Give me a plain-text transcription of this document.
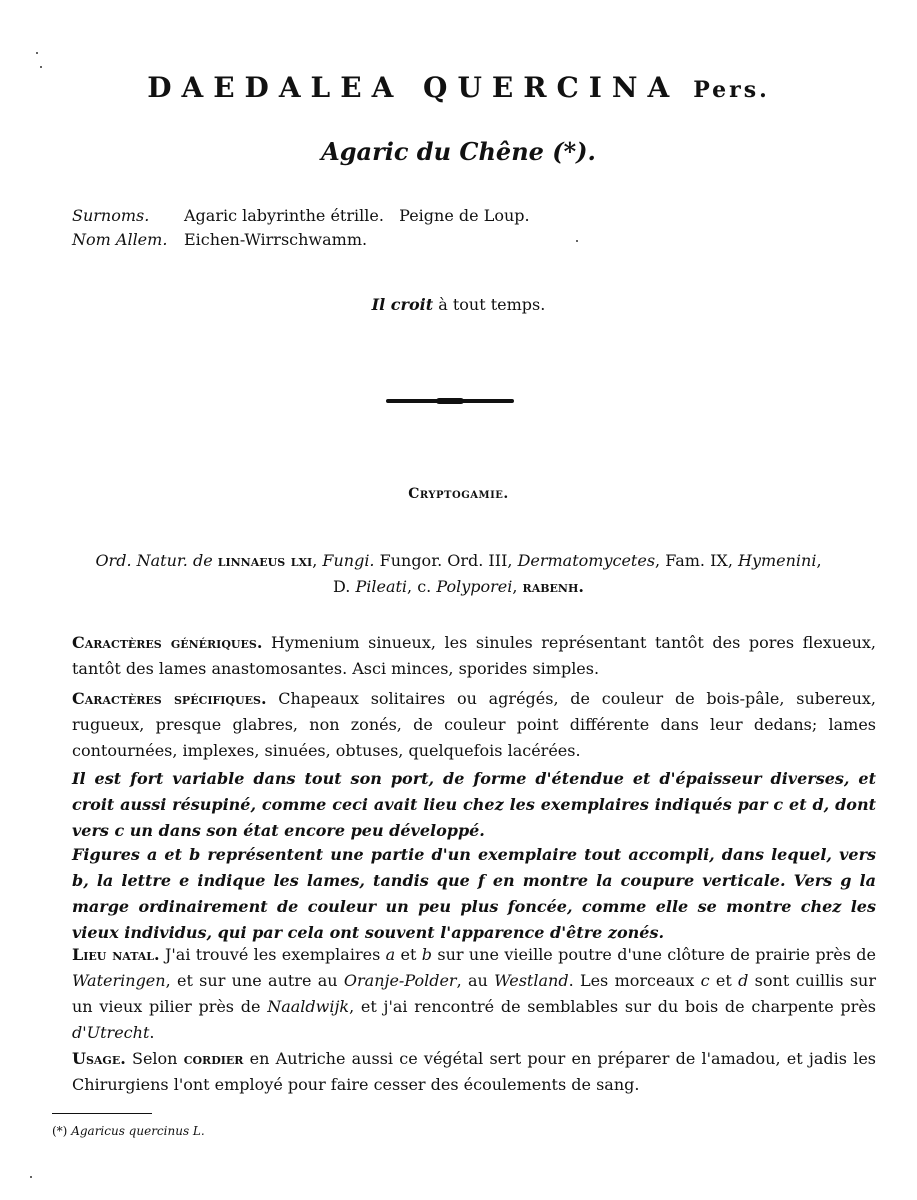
DAEDALEA QUERCINA Pers.
Agaric du Chêne (*).
Surnoms.	Agaric labyrinthe étrille.   Peigne de Loup.
Nom Allem.	Eichen-Wirrschwamm.
Il croit à tout temps.
Cryptogamie.
Ord. Natur. de linnaeus lxi, Fungi. Fungor. Ord. III, Dermatomycetes, Fam. IX, Hymenini,
D. Pileati, c. Polyporei, rabenh.
Caractères génériques. Hymenium sinueux, les sinules représentant tantôt des pores flexueux, tantôt des lames anastomosantes. Asci minces, sporides simples.
Caractères spécifiques. Chapeaux solitaires ou agrégés, de couleur de bois-pâle, subereux, rugueux, presque glabres, non zonés, de couleur point différente dans leur dedans; lames contournées, implexes, sinuées, obtuses, quelquefois lacérées.

Il est fort variable dans tout son port, de forme d'étendue et d'épaisseur diverses, et croit aussi résupiné, comme ceci avait lieu chez les exemplaires indiqués par c et d, dont vers c un dans son état encore peu développé.

Figures a et b représentent une partie d'un exemplaire tout accompli, dans lequel, vers b, la lettre e indique les lames, tandis que f en montre la coupure verticale. Vers g la marge ordinairement de couleur un peu plus foncée, comme elle se montre chez les vieux individus, qui par cela ont souvent l'apparence d'être zonés.

Lieu natal. J'ai trouvé les exemplaires a et b sur une vieille poutre d'une clôture de prairie près de Wateringen, et sur une autre au Oranje-Polder, au Westland. Les morceaux c et d sont cuillis sur un vieux pilier près de Naaldwijk, et j'ai rencontré de semblables sur du bois de charpente près d'Utrecht.
Usage. Selon cordier en Autriche aussi ce végétal sert pour en préparer de l'amadou, et jadis les Chirurgiens l'ont employé pour faire cesser des écoulements de sang.
(*) Agaricus quercinus L.
